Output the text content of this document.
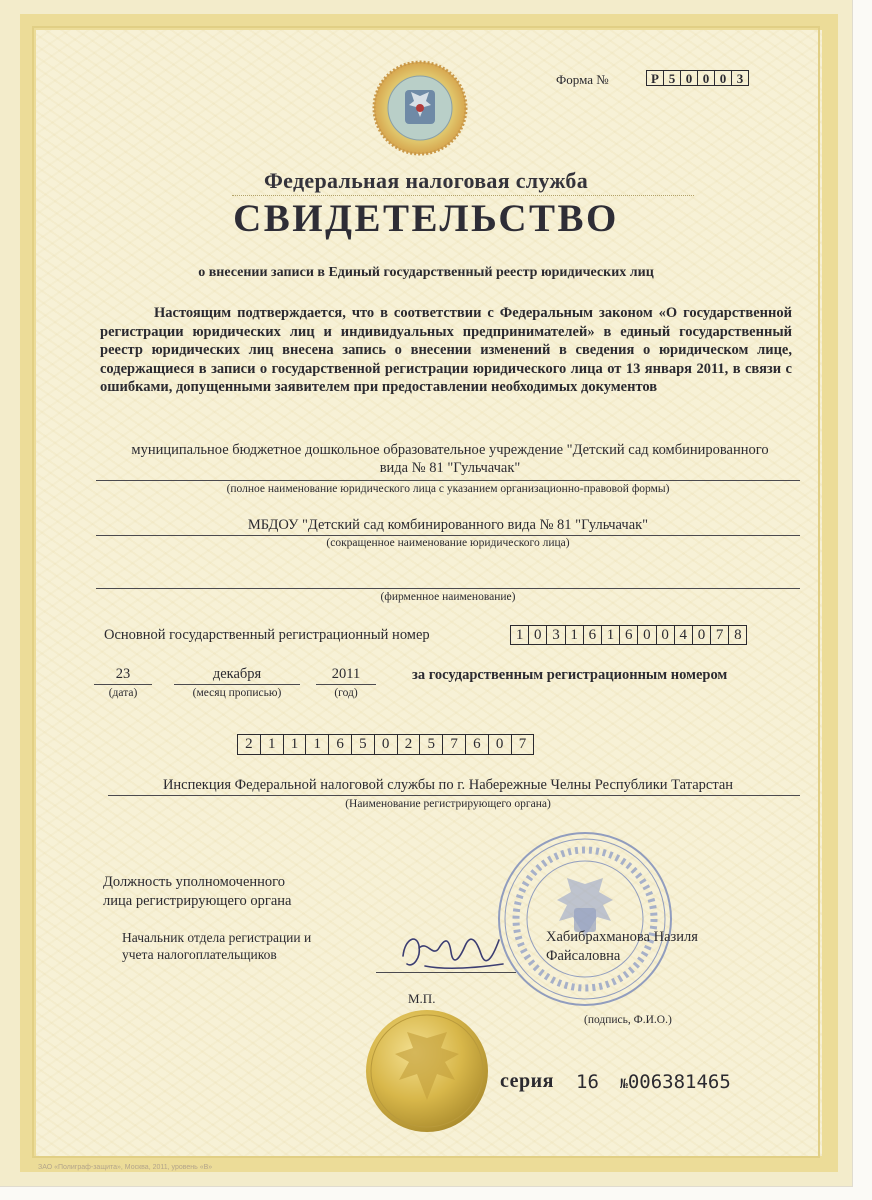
Форма №	Р 5 0 0 0 3
Федеральная налоговая служба
СВИДЕТЕЛЬСТВО
о внесении записи в Единый государственный реестр юридических лиц
Настоящим подтверждается, что в соответствии с Федеральным законом «О государственной регистрации юридических лиц и индивидуальных предпринимателей» в единый государственный реестр юридических лиц внесена запись о внесении изменений в сведения о юридическом лице, содержащиеся в записи о государственной регистрации юридического лица от 13 января 2011, в связи с ошибками, допущенными заявителем при предоставлении необходимых документов
муниципальное бюджетное дошкольное образовательное учреждение "Детский сад комбинированного вида № 81 "Гульчачак"
(полное наименование юридического лица с указанием организационно-правовой формы)
МБДОУ "Детский сад комбинированного вида № 81 "Гульчачак"
(сокращенное наименование юридического лица)
(фирменное наименование)
Основной государственный регистрационный номер	1 0 3 1 6 1 6 0 0 4 0 7 8
23
(дата)
декабря
(месяц прописью)
2011
(год)
за государственным регистрационным номером
2	1	1	1	6	5	0	2	5	7	6	0	7
Инспекция Федеральной налоговой службы по г. Набережные Челны Республики Татарстан
(Наименование регистрирующего органа)
Должность уполномоченного
лица регистрирующего органа
Начальник отдела регистрации и
учета налогоплательщиков
Хабибрахманова Назиля
Файсаловна
М.П.
(подпись, Ф.И.О.)
серия 16 №006381465
ЗАО «Полиграф-защита», Москва, 2011, уровень «В»
